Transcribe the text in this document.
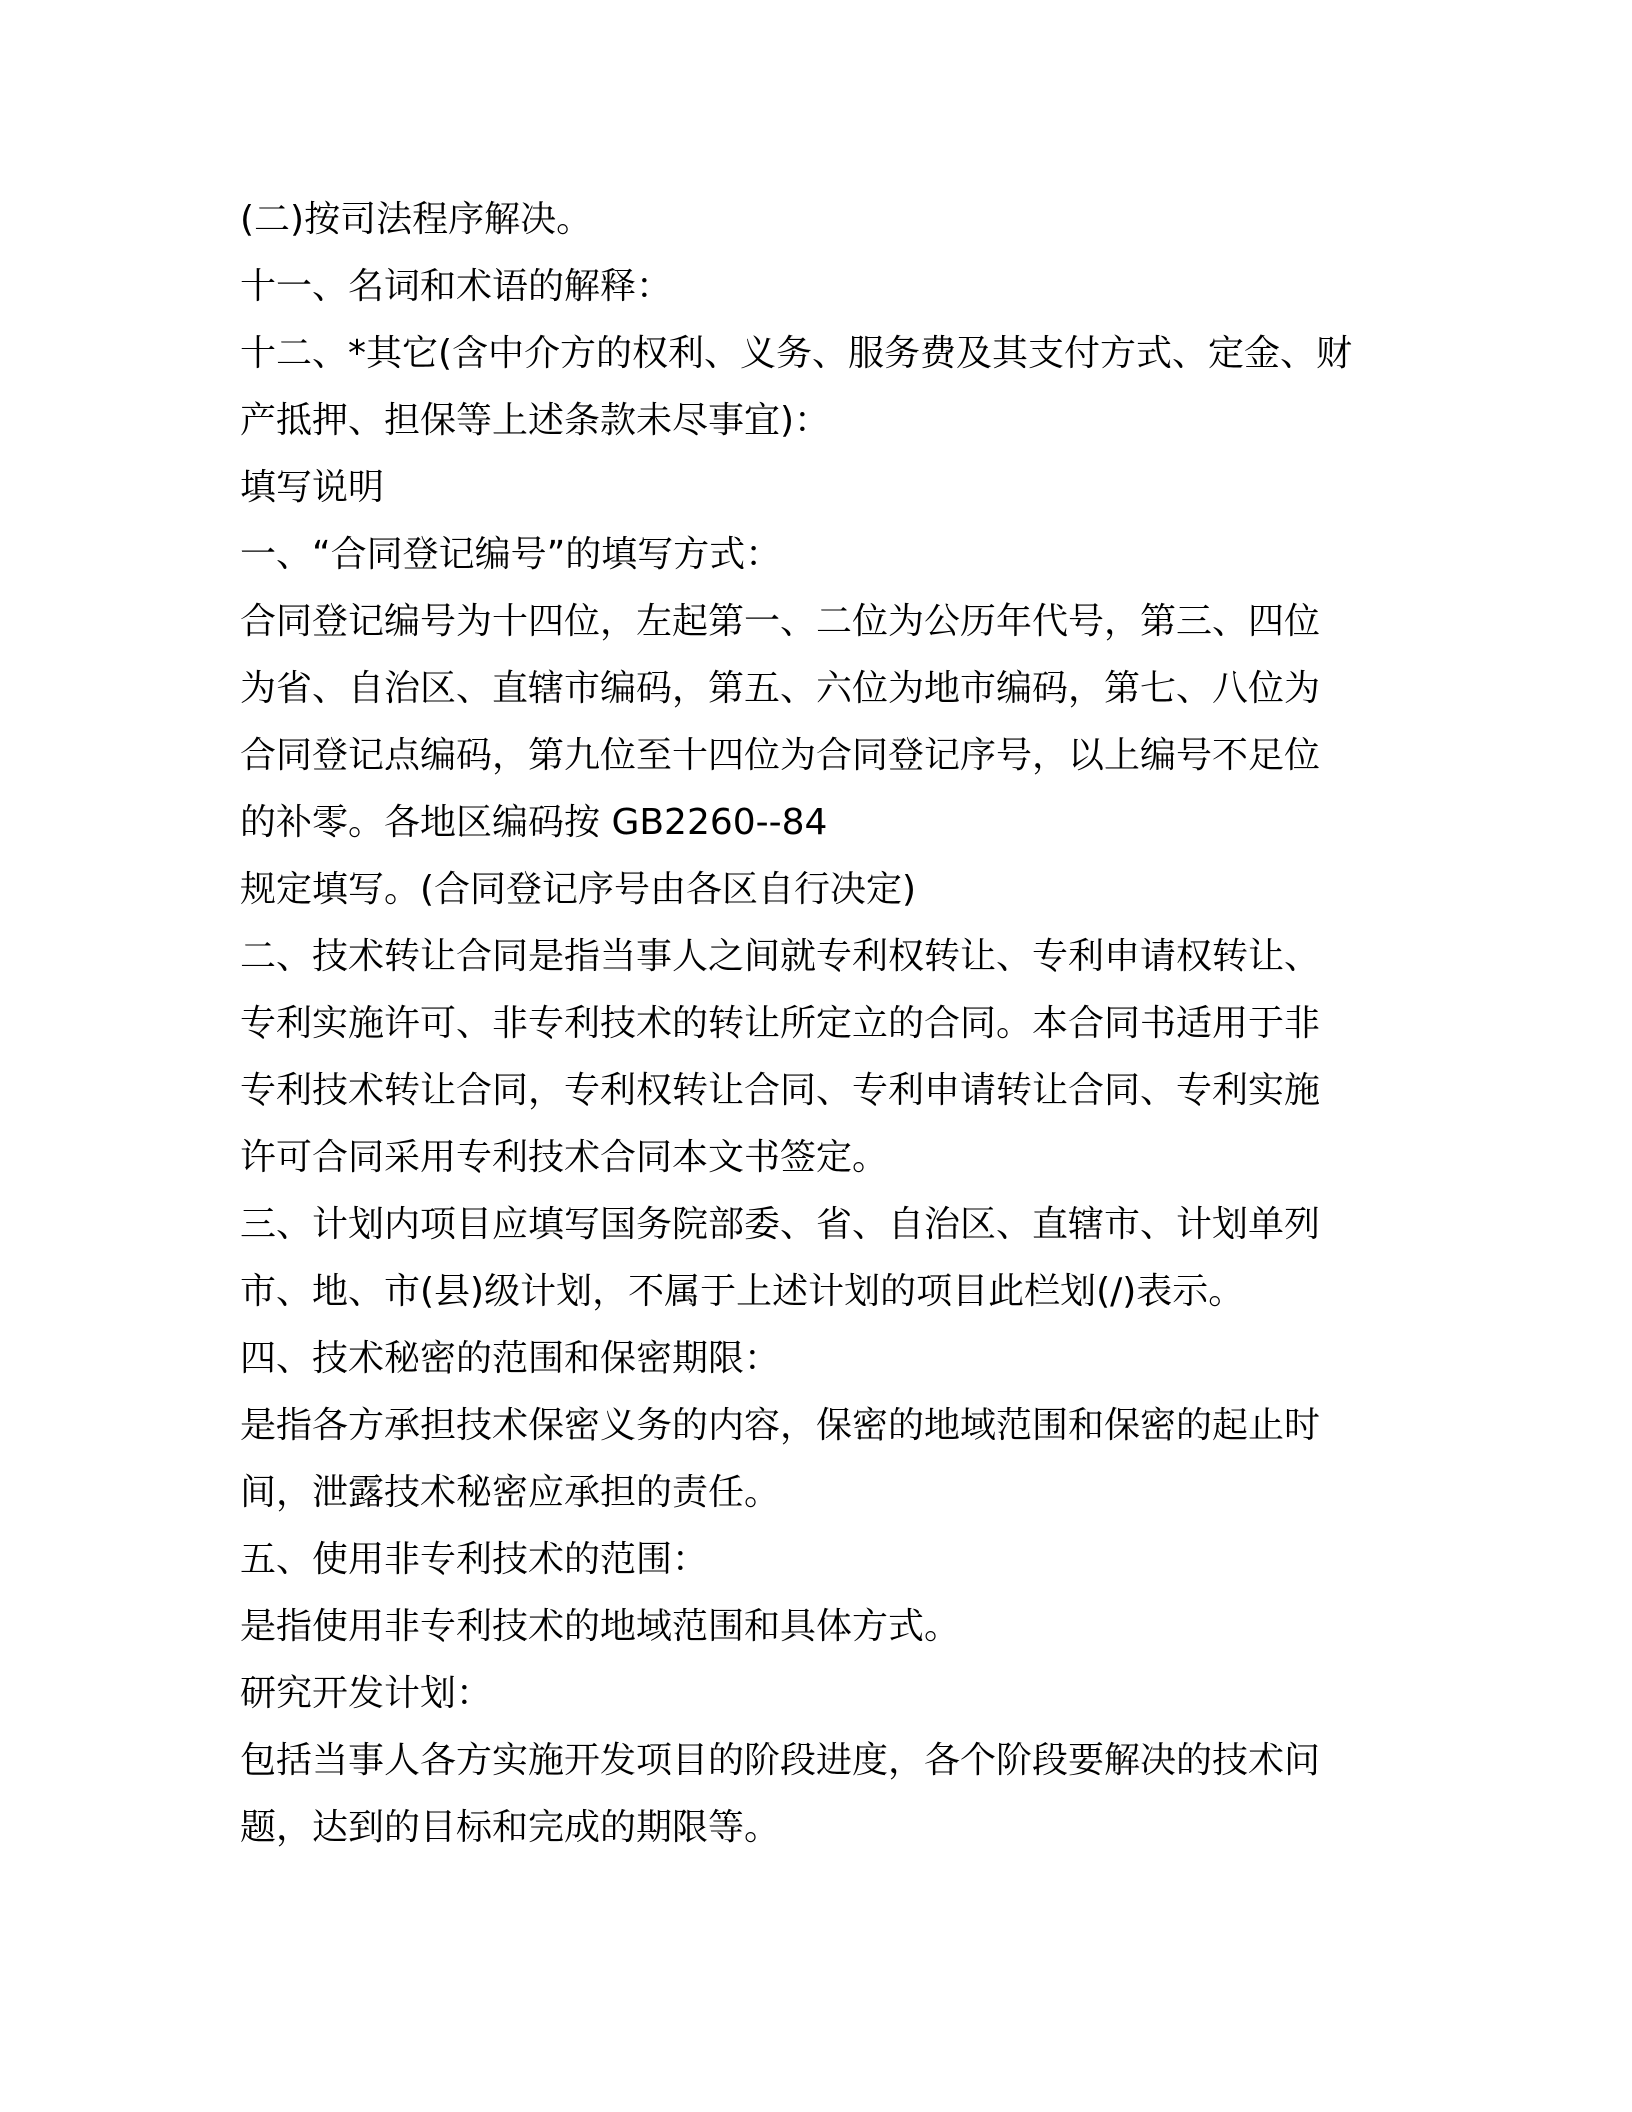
(二)按司法程序解决。

十一、名词和术语的解释：

十二、*其它(含中介方的权利、义务、服务费及其支付方式、定金、财

产抵押、担保等上述条款未尽事宜)：

填写说明

一、“合同登记编号”的填写方式：

合同登记编号为十四位，左起第一、二位为公历年代号，第三、四位

为省、自治区、直辖市编码，第五、六位为地市编码，第七、八位为

合同登记点编码，第九位至十四位为合同登记序号，以上编号不足位

的补零。各地区编码按 GB2260--84

规定填写。(合同登记序号由各区自行决定)

二、技术转让合同是指当事人之间就专利权转让、专利申请权转让、

专利实施许可、非专利技术的转让所定立的合同。本合同书适用于非

专利技术转让合同，专利权转让合同、专利申请转让合同、专利实施

许可合同采用专利技术合同本文书签定。

三、计划内项目应填写国务院部委、省、自治区、直辖市、计划单列

市、地、市(县)级计划，不属于上述计划的项目此栏划(/)表示。

四、技术秘密的范围和保密期限：

是指各方承担技术保密义务的内容，保密的地域范围和保密的起止时

间，泄露技术秘密应承担的责任。

五、使用非专利技术的范围：

是指使用非专利技术的地域范围和具体方式。

研究开发计划：

包括当事人各方实施开发项目的阶段进度，各个阶段要解决的技术问

题，达到的目标和完成的期限等。
